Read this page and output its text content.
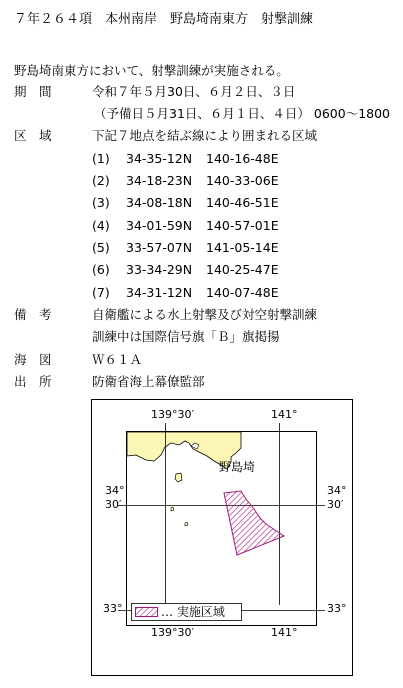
７年２６４項　本州南岸　野島埼南東方　射撃訓練
野島埼南東方において、射撃訓練が実施される。
期　間	令和７年５月30日、６月２日、３日
（予備日５月31日、６月１日、４日） 0600～1800
区　域	下記７地点を結ぶ線により囲まれる区域
(1) 34-35-12N 140-16-48E
(2) 34-18-23N 140-33-06E
(3) 34-08-18N 140-46-51E
(4) 34-01-59N 140-57-01E
(5) 33-57-07N 141-05-14E
(6) 33-34-29N 140-25-47E
(7) 34-31-12N 140-07-48E
備　考	自衛艦による水上射撃及び対空射撃訓練
訓練中は国際信号旗「Ｂ」旗掲揚
海　図	Ｗ６１Ａ
出　所	防衛省海上幕僚監部
139°30′	141°
139°30′	141°
34°
30′
34°
30′
33°	33°
野島埼
… 実施区域
